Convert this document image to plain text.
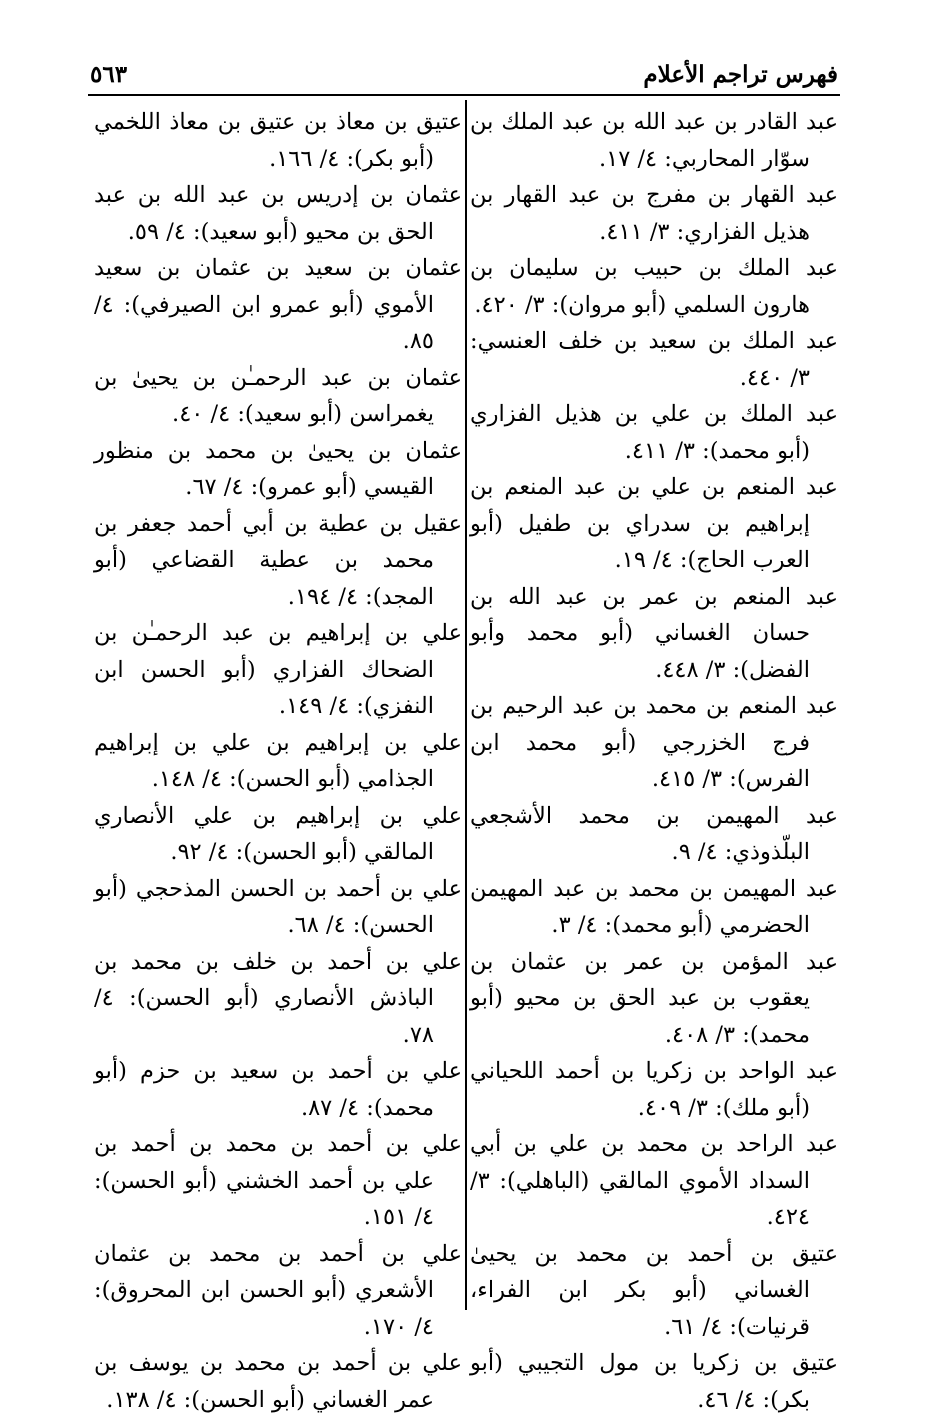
فهرس تراجم الأعلام
٥٦٣

عبد القادر بن عبد الله بن عبد الملك بن سوّار المحاربي: ٤/ ١٧.

عبد القهار بن مفرج بن عبد القهار بن هذيل الفزاري: ٣/ ٤١١.

عبد الملك بن حبيب بن سليمان بن هارون السلمي (أبو مروان): ٣/ ٤٢٠.

عبد الملك بن سعيد بن خلف العنسي: ٣/ ٤٤٠.

عبد الملك بن علي بن هذيل الفزاري (أبو محمد): ٣/ ٤١١.

عبد المنعم بن علي بن عبد المنعم بن إبراهيم بن سدراي بن طفيل (أبو العرب الحاج): ٤/ ١٩.

عبد المنعم بن عمر بن عبد الله بن حسان الغساني (أبو محمد وأبو الفضل): ٣/ ٤٤٨.

عبد المنعم بن محمد بن عبد الرحيم بن فرج الخزرجي (أبو محمد ابن الفرس): ٣/ ٤١٥.

عبد المهيمن بن محمد الأشجعي البلّذوذي: ٤/ ٩.

عبد المهيمن بن محمد بن عبد المهيمن الحضرمي (أبو محمد): ٤/ ٣.

عبد المؤمن بن عمر بن عثمان بن يعقوب بن عبد الحق بن محيو (أبو محمد): ٣/ ٤٠٨.

عبد الواحد بن زكريا بن أحمد اللحياني (أبو ملك): ٣/ ٤٠٩.

عبد الراحد بن محمد بن علي بن أبي السداد الأموي المالقي (الباهلي): ٣/ ٤٢٤.

عتيق بن أحمد بن محمد بن يحيىٰ الغساني (أبو بكر ابن الفراء، قرنيات): ٤/ ٦١.

عتيق بن زكريا بن مول التجيبي (أبو بكر): ٤/ ٤٦.

عتيق بن معاذ بن عتيق بن معاذ اللخمي (أبو بكر): ٤/ ١٦٦.

عثمان بن إدريس بن عبد الله بن عبد الحق بن محيو (أبو سعيد): ٤/ ٥٩.

عثمان بن سعيد بن عثمان بن سعيد الأموي (أبو عمرو ابن الصيرفي): ٤/ ٨٥.

عثمان بن عبد الرحمـٰن بن يحيىٰ بن يغمراسن (أبو سعيد): ٤/ ٤٠.

عثمان بن يحيىٰ بن محمد بن منظور القيسي (أبو عمرو): ٤/ ٦٧.

عقيل بن عطية بن أبي أحمد جعفر بن محمد بن عطية القضاعي (أبو المجد): ٤/ ١٩٤.

علي بن إبراهيم بن عبد الرحمـٰن بن الضحاك الفزاري (أبو الحسن ابن النفزي): ٤/ ١٤٩.

علي بن إبراهيم بن علي بن إبراهيم الجذامي (أبو الحسن): ٤/ ١٤٨.

علي بن إبراهيم بن علي الأنصاري المالقي (أبو الحسن): ٤/ ٩٢.

علي بن أحمد بن الحسن المذحجي (أبو الحسن): ٤/ ٦٨.

علي بن أحمد بن خلف بن محمد بن الباذش الأنصاري (أبو الحسن): ٤/ ٧٨.

علي بن أحمد بن سعيد بن حزم (أبو محمد): ٤/ ٨٧.

علي بن أحمد بن محمد بن أحمد بن علي بن أحمد الخشني (أبو الحسن): ٤/ ١٥١.

علي بن أحمد بن محمد بن عثمان الأشعري (أبو الحسن ابن المحروق): ٤/ ١٧٠.

علي بن أحمد بن محمد بن يوسف بن عمر الغساني (أبو الحسن): ٤/ ١٣٨.
